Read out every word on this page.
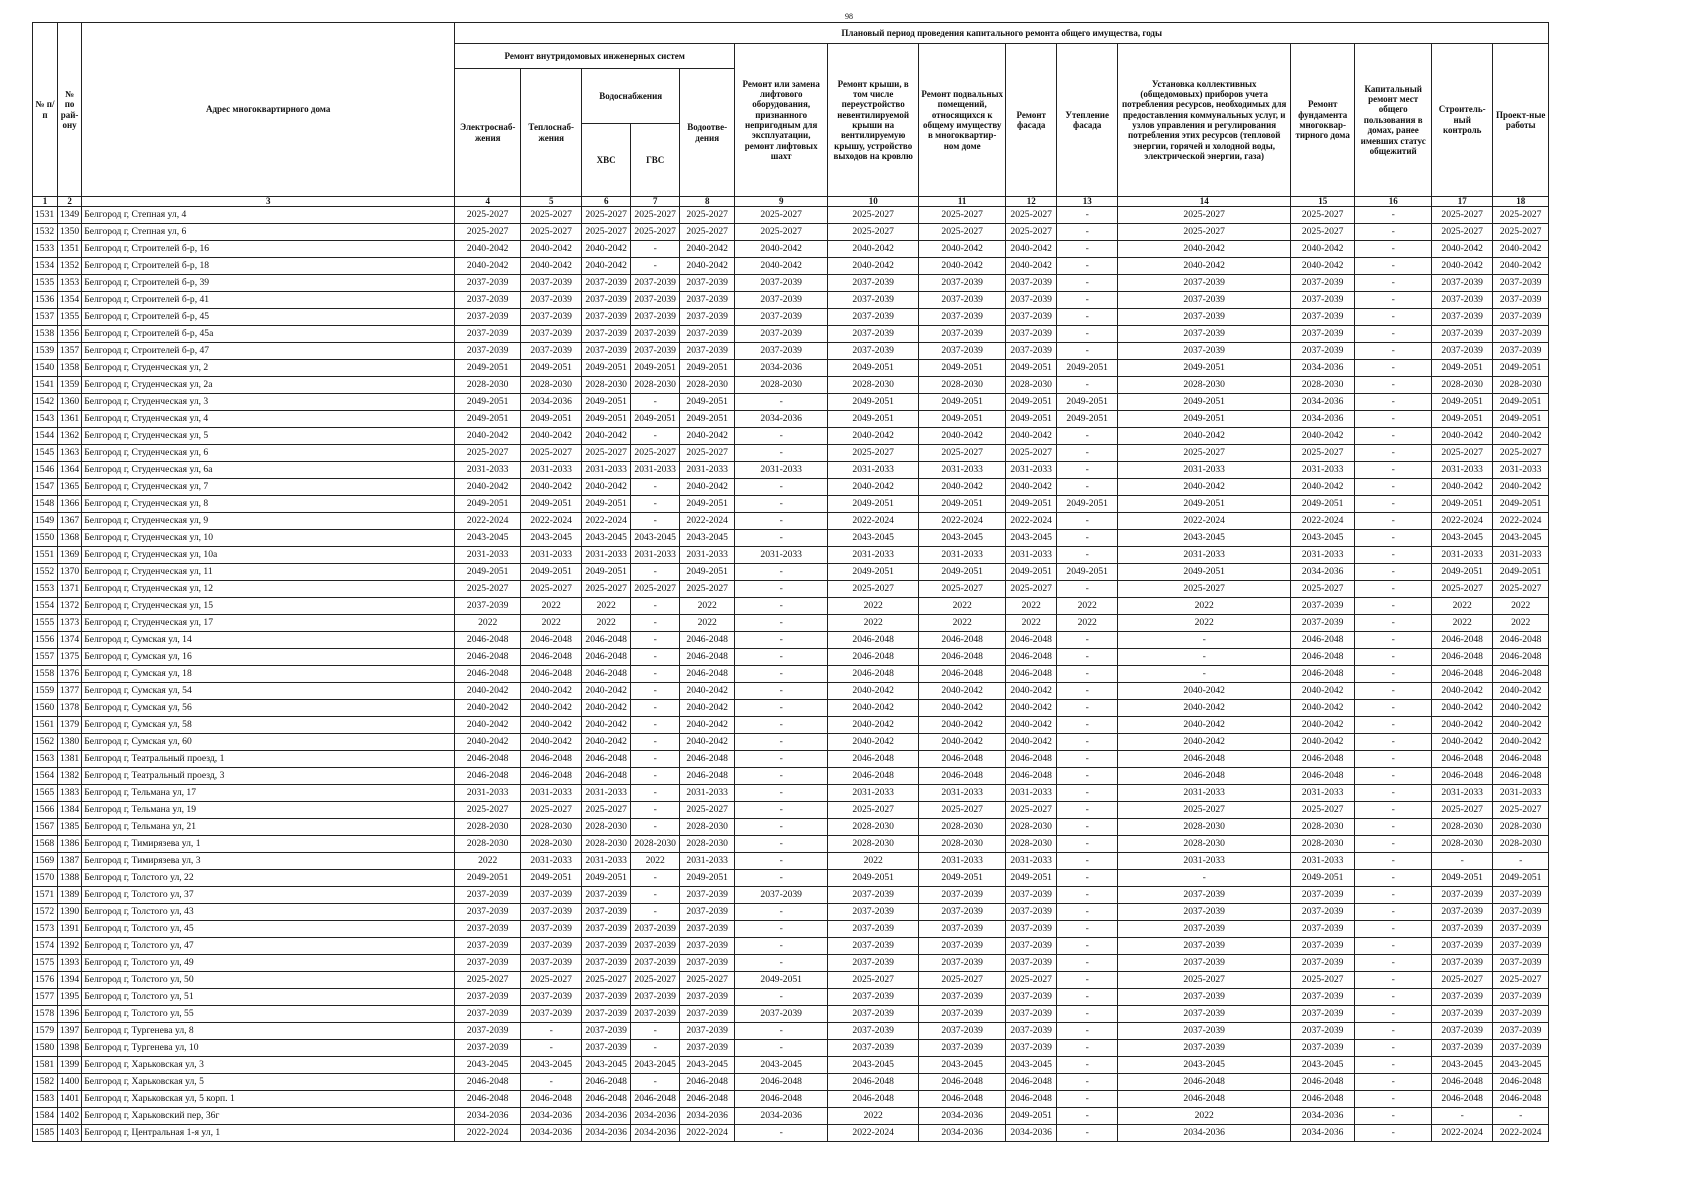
98
№ п/п	№ по рай-ону	Адрес многоквартирного дома	Плановый период проведения капитального ремонта общего имущества, годы														
			Ремонт внутридомовых инженерных систем					Ремонт или замена лифтового оборудования, признанного непригодным для эксплуатации, ремонт лифтовых шахт	Ремонт крыши, в том числе переустройство невентилируемой крыши на вентилируемую крышу, устройство выходов на кровлю	Ремонт подвальных помещений, относящихся к общему имуществу в многоквартир-ном доме	Ремонт фасада	Утепление фасада	Установка коллективных (общедомовых) приборов учета потребления ресурсов, необходимых для предоставления коммунальных услуг, и узлов управления и регулирования потребления этих ресурсов (тепловой энергии, горячей и холодной воды, электрической энергии, газа)	Ремонт фундамента многоквар-тирного дома	Капитальный ремонт мест общего пользования в домах, ранее имевших статус общежитий	Строитель-ный контроль	Проект-ные работы
			Электроснаб-жения	Теплоснаб-жения	Водоснабжения		Водоотве-дения										
					ХВС	ГВС											
1	2	3	4	5	6	7	8	9	10	11	12	13	14	15	16	17	18
1531	1349	Белгород г, Степная ул, 4	2025-2027	2025-2027	2025-2027	2025-2027	2025-2027	2025-2027	2025-2027	2025-2027	2025-2027	-	2025-2027	2025-2027	-	2025-2027	2025-2027
1532	1350	Белгород г, Степная ул, 6	2025-2027	2025-2027	2025-2027	2025-2027	2025-2027	2025-2027	2025-2027	2025-2027	2025-2027	-	2025-2027	2025-2027	-	2025-2027	2025-2027
1533	1351	Белгород г, Строителей б-р, 16	2040-2042	2040-2042	2040-2042	-	2040-2042	2040-2042	2040-2042	2040-2042	2040-2042	-	2040-2042	2040-2042	-	2040-2042	2040-2042
1534	1352	Белгород г, Строителей б-р, 18	2040-2042	2040-2042	2040-2042	-	2040-2042	2040-2042	2040-2042	2040-2042	2040-2042	-	2040-2042	2040-2042	-	2040-2042	2040-2042
1535	1353	Белгород г, Строителей б-р, 39	2037-2039	2037-2039	2037-2039	2037-2039	2037-2039	2037-2039	2037-2039	2037-2039	2037-2039	-	2037-2039	2037-2039	-	2037-2039	2037-2039
1536	1354	Белгород г, Строителей б-р, 41	2037-2039	2037-2039	2037-2039	2037-2039	2037-2039	2037-2039	2037-2039	2037-2039	2037-2039	-	2037-2039	2037-2039	-	2037-2039	2037-2039
1537	1355	Белгород г, Строителей б-р, 45	2037-2039	2037-2039	2037-2039	2037-2039	2037-2039	2037-2039	2037-2039	2037-2039	2037-2039	-	2037-2039	2037-2039	-	2037-2039	2037-2039
1538	1356	Белгород г, Строителей б-р, 45а	2037-2039	2037-2039	2037-2039	2037-2039	2037-2039	2037-2039	2037-2039	2037-2039	2037-2039	-	2037-2039	2037-2039	-	2037-2039	2037-2039
1539	1357	Белгород г, Строителей б-р, 47	2037-2039	2037-2039	2037-2039	2037-2039	2037-2039	2037-2039	2037-2039	2037-2039	2037-2039	-	2037-2039	2037-2039	-	2037-2039	2037-2039
1540	1358	Белгород г, Студенческая ул, 2	2049-2051	2049-2051	2049-2051	2049-2051	2049-2051	2034-2036	2049-2051	2049-2051	2049-2051	2049-2051	2049-2051	2034-2036	-	2049-2051	2049-2051
1541	1359	Белгород г, Студенческая ул, 2а	2028-2030	2028-2030	2028-2030	2028-2030	2028-2030	2028-2030	2028-2030	2028-2030	2028-2030	-	2028-2030	2028-2030	-	2028-2030	2028-2030
1542	1360	Белгород г, Студенческая ул, 3	2049-2051	2034-2036	2049-2051	-	2049-2051	-	2049-2051	2049-2051	2049-2051	2049-2051	2049-2051	2034-2036	-	2049-2051	2049-2051
1543	1361	Белгород г, Студенческая ул, 4	2049-2051	2049-2051	2049-2051	2049-2051	2049-2051	2034-2036	2049-2051	2049-2051	2049-2051	2049-2051	2049-2051	2034-2036	-	2049-2051	2049-2051
1544	1362	Белгород г, Студенческая ул, 5	2040-2042	2040-2042	2040-2042	-	2040-2042	-	2040-2042	2040-2042	2040-2042	-	2040-2042	2040-2042	-	2040-2042	2040-2042
1545	1363	Белгород г, Студенческая ул, 6	2025-2027	2025-2027	2025-2027	2025-2027	2025-2027	-	2025-2027	2025-2027	2025-2027	-	2025-2027	2025-2027	-	2025-2027	2025-2027
1546	1364	Белгород г, Студенческая ул, 6а	2031-2033	2031-2033	2031-2033	2031-2033	2031-2033	2031-2033	2031-2033	2031-2033	2031-2033	-	2031-2033	2031-2033	-	2031-2033	2031-2033
1547	1365	Белгород г, Студенческая ул, 7	2040-2042	2040-2042	2040-2042	-	2040-2042	-	2040-2042	2040-2042	2040-2042	-	2040-2042	2040-2042	-	2040-2042	2040-2042
1548	1366	Белгород г, Студенческая ул, 8	2049-2051	2049-2051	2049-2051	-	2049-2051	-	2049-2051	2049-2051	2049-2051	2049-2051	2049-2051	2049-2051	-	2049-2051	2049-2051
1549	1367	Белгород г, Студенческая ул, 9	2022-2024	2022-2024	2022-2024	-	2022-2024	-	2022-2024	2022-2024	2022-2024	-	2022-2024	2022-2024	-	2022-2024	2022-2024
1550	1368	Белгород г, Студенческая ул, 10	2043-2045	2043-2045	2043-2045	2043-2045	2043-2045	-	2043-2045	2043-2045	2043-2045	-	2043-2045	2043-2045	-	2043-2045	2043-2045
1551	1369	Белгород г, Студенческая ул, 10а	2031-2033	2031-2033	2031-2033	2031-2033	2031-2033	2031-2033	2031-2033	2031-2033	2031-2033	-	2031-2033	2031-2033	-	2031-2033	2031-2033
1552	1370	Белгород г, Студенческая ул, 11	2049-2051	2049-2051	2049-2051	-	2049-2051	-	2049-2051	2049-2051	2049-2051	2049-2051	2049-2051	2034-2036	-	2049-2051	2049-2051
1553	1371	Белгород г, Студенческая ул, 12	2025-2027	2025-2027	2025-2027	2025-2027	2025-2027	-	2025-2027	2025-2027	2025-2027	-	2025-2027	2025-2027	-	2025-2027	2025-2027
1554	1372	Белгород г, Студенческая ул, 15	2037-2039	2022	2022	-	2022	-	2022	2022	2022	2022	2022	2037-2039	-	2022	2022
1555	1373	Белгород г, Студенческая ул, 17	2022	2022	2022	-	2022	-	2022	2022	2022	2022	2022	2037-2039	-	2022	2022
1556	1374	Белгород г, Сумская ул, 14	2046-2048	2046-2048	2046-2048	-	2046-2048	-	2046-2048	2046-2048	2046-2048	-	-	2046-2048	-	2046-2048	2046-2048
1557	1375	Белгород г, Сумская ул, 16	2046-2048	2046-2048	2046-2048	-	2046-2048	-	2046-2048	2046-2048	2046-2048	-	-	2046-2048	-	2046-2048	2046-2048
1558	1376	Белгород г, Сумская ул, 18	2046-2048	2046-2048	2046-2048	-	2046-2048	-	2046-2048	2046-2048	2046-2048	-	-	2046-2048	-	2046-2048	2046-2048
1559	1377	Белгород г, Сумская ул, 54	2040-2042	2040-2042	2040-2042	-	2040-2042	-	2040-2042	2040-2042	2040-2042	-	2040-2042	2040-2042	-	2040-2042	2040-2042
1560	1378	Белгород г, Сумская ул, 56	2040-2042	2040-2042	2040-2042	-	2040-2042	-	2040-2042	2040-2042	2040-2042	-	2040-2042	2040-2042	-	2040-2042	2040-2042
1561	1379	Белгород г, Сумская ул, 58	2040-2042	2040-2042	2040-2042	-	2040-2042	-	2040-2042	2040-2042	2040-2042	-	2040-2042	2040-2042	-	2040-2042	2040-2042
1562	1380	Белгород г, Сумская ул, 60	2040-2042	2040-2042	2040-2042	-	2040-2042	-	2040-2042	2040-2042	2040-2042	-	2040-2042	2040-2042	-	2040-2042	2040-2042
1563	1381	Белгород г, Театральный проезд, 1	2046-2048	2046-2048	2046-2048	-	2046-2048	-	2046-2048	2046-2048	2046-2048	-	2046-2048	2046-2048	-	2046-2048	2046-2048
1564	1382	Белгород г, Театральный проезд, 3	2046-2048	2046-2048	2046-2048	-	2046-2048	-	2046-2048	2046-2048	2046-2048	-	2046-2048	2046-2048	-	2046-2048	2046-2048
1565	1383	Белгород г, Тельмана ул, 17	2031-2033	2031-2033	2031-2033	-	2031-2033	-	2031-2033	2031-2033	2031-2033	-	2031-2033	2031-2033	-	2031-2033	2031-2033
1566	1384	Белгород г, Тельмана ул, 19	2025-2027	2025-2027	2025-2027	-	2025-2027	-	2025-2027	2025-2027	2025-2027	-	2025-2027	2025-2027	-	2025-2027	2025-2027
1567	1385	Белгород г, Тельмана ул, 21	2028-2030	2028-2030	2028-2030	-	2028-2030	-	2028-2030	2028-2030	2028-2030	-	2028-2030	2028-2030	-	2028-2030	2028-2030
1568	1386	Белгород г, Тимирязева ул, 1	2028-2030	2028-2030	2028-2030	2028-2030	2028-2030	-	2028-2030	2028-2030	2028-2030	-	2028-2030	2028-2030	-	2028-2030	2028-2030
1569	1387	Белгород г, Тимирязева ул, 3	2022	2031-2033	2031-2033	2022	2031-2033	-	2022	2031-2033	2031-2033	-	2031-2033	2031-2033	-	-	-
1570	1388	Белгород г, Толстого ул, 22	2049-2051	2049-2051	2049-2051	-	2049-2051	-	2049-2051	2049-2051	2049-2051	-	-	2049-2051	-	2049-2051	2049-2051
1571	1389	Белгород г, Толстого ул, 37	2037-2039	2037-2039	2037-2039	-	2037-2039	2037-2039	2037-2039	2037-2039	2037-2039	-	2037-2039	2037-2039	-	2037-2039	2037-2039
1572	1390	Белгород г, Толстого ул, 43	2037-2039	2037-2039	2037-2039	-	2037-2039	-	2037-2039	2037-2039	2037-2039	-	2037-2039	2037-2039	-	2037-2039	2037-2039
1573	1391	Белгород г, Толстого ул, 45	2037-2039	2037-2039	2037-2039	2037-2039	2037-2039	-	2037-2039	2037-2039	2037-2039	-	2037-2039	2037-2039	-	2037-2039	2037-2039
1574	1392	Белгород г, Толстого ул, 47	2037-2039	2037-2039	2037-2039	2037-2039	2037-2039	-	2037-2039	2037-2039	2037-2039	-	2037-2039	2037-2039	-	2037-2039	2037-2039
1575	1393	Белгород г, Толстого ул, 49	2037-2039	2037-2039	2037-2039	2037-2039	2037-2039	-	2037-2039	2037-2039	2037-2039	-	2037-2039	2037-2039	-	2037-2039	2037-2039
1576	1394	Белгород г, Толстого ул, 50	2025-2027	2025-2027	2025-2027	2025-2027	2025-2027	2049-2051	2025-2027	2025-2027	2025-2027	-	2025-2027	2025-2027	-	2025-2027	2025-2027
1577	1395	Белгород г, Толстого ул, 51	2037-2039	2037-2039	2037-2039	2037-2039	2037-2039	-	2037-2039	2037-2039	2037-2039	-	2037-2039	2037-2039	-	2037-2039	2037-2039
1578	1396	Белгород г, Толстого ул, 55	2037-2039	2037-2039	2037-2039	2037-2039	2037-2039	2037-2039	2037-2039	2037-2039	2037-2039	-	2037-2039	2037-2039	-	2037-2039	2037-2039
1579	1397	Белгород г, Тургенева ул, 8	2037-2039	-	2037-2039	-	2037-2039	-	2037-2039	2037-2039	2037-2039	-	2037-2039	2037-2039	-	2037-2039	2037-2039
1580	1398	Белгород г, Тургенева ул, 10	2037-2039	-	2037-2039	-	2037-2039	-	2037-2039	2037-2039	2037-2039	-	2037-2039	2037-2039	-	2037-2039	2037-2039
1581	1399	Белгород г, Харьковская ул, 3	2043-2045	2043-2045	2043-2045	2043-2045	2043-2045	2043-2045	2043-2045	2043-2045	2043-2045	-	2043-2045	2043-2045	-	2043-2045	2043-2045
1582	1400	Белгород г, Харьковская ул, 5	2046-2048	-	2046-2048	-	2046-2048	2046-2048	2046-2048	2046-2048	2046-2048	-	2046-2048	2046-2048	-	2046-2048	2046-2048
1583	1401	Белгород г, Харьковская ул, 5 корп. 1	2046-2048	2046-2048	2046-2048	2046-2048	2046-2048	2046-2048	2046-2048	2046-2048	2046-2048	-	2046-2048	2046-2048	-	2046-2048	2046-2048
1584	1402	Белгород г, Харьковский пер, 36г	2034-2036	2034-2036	2034-2036	2034-2036	2034-2036	2034-2036	2022	2034-2036	2049-2051	-	2022	2034-2036	-	-	-
1585	1403	Белгород г, Центральная 1-я ул, 1	2022-2024	2034-2036	2034-2036	2034-2036	2022-2024	-	2022-2024	2034-2036	2034-2036	-	2034-2036	2034-2036	-	2022-2024	2022-2024
